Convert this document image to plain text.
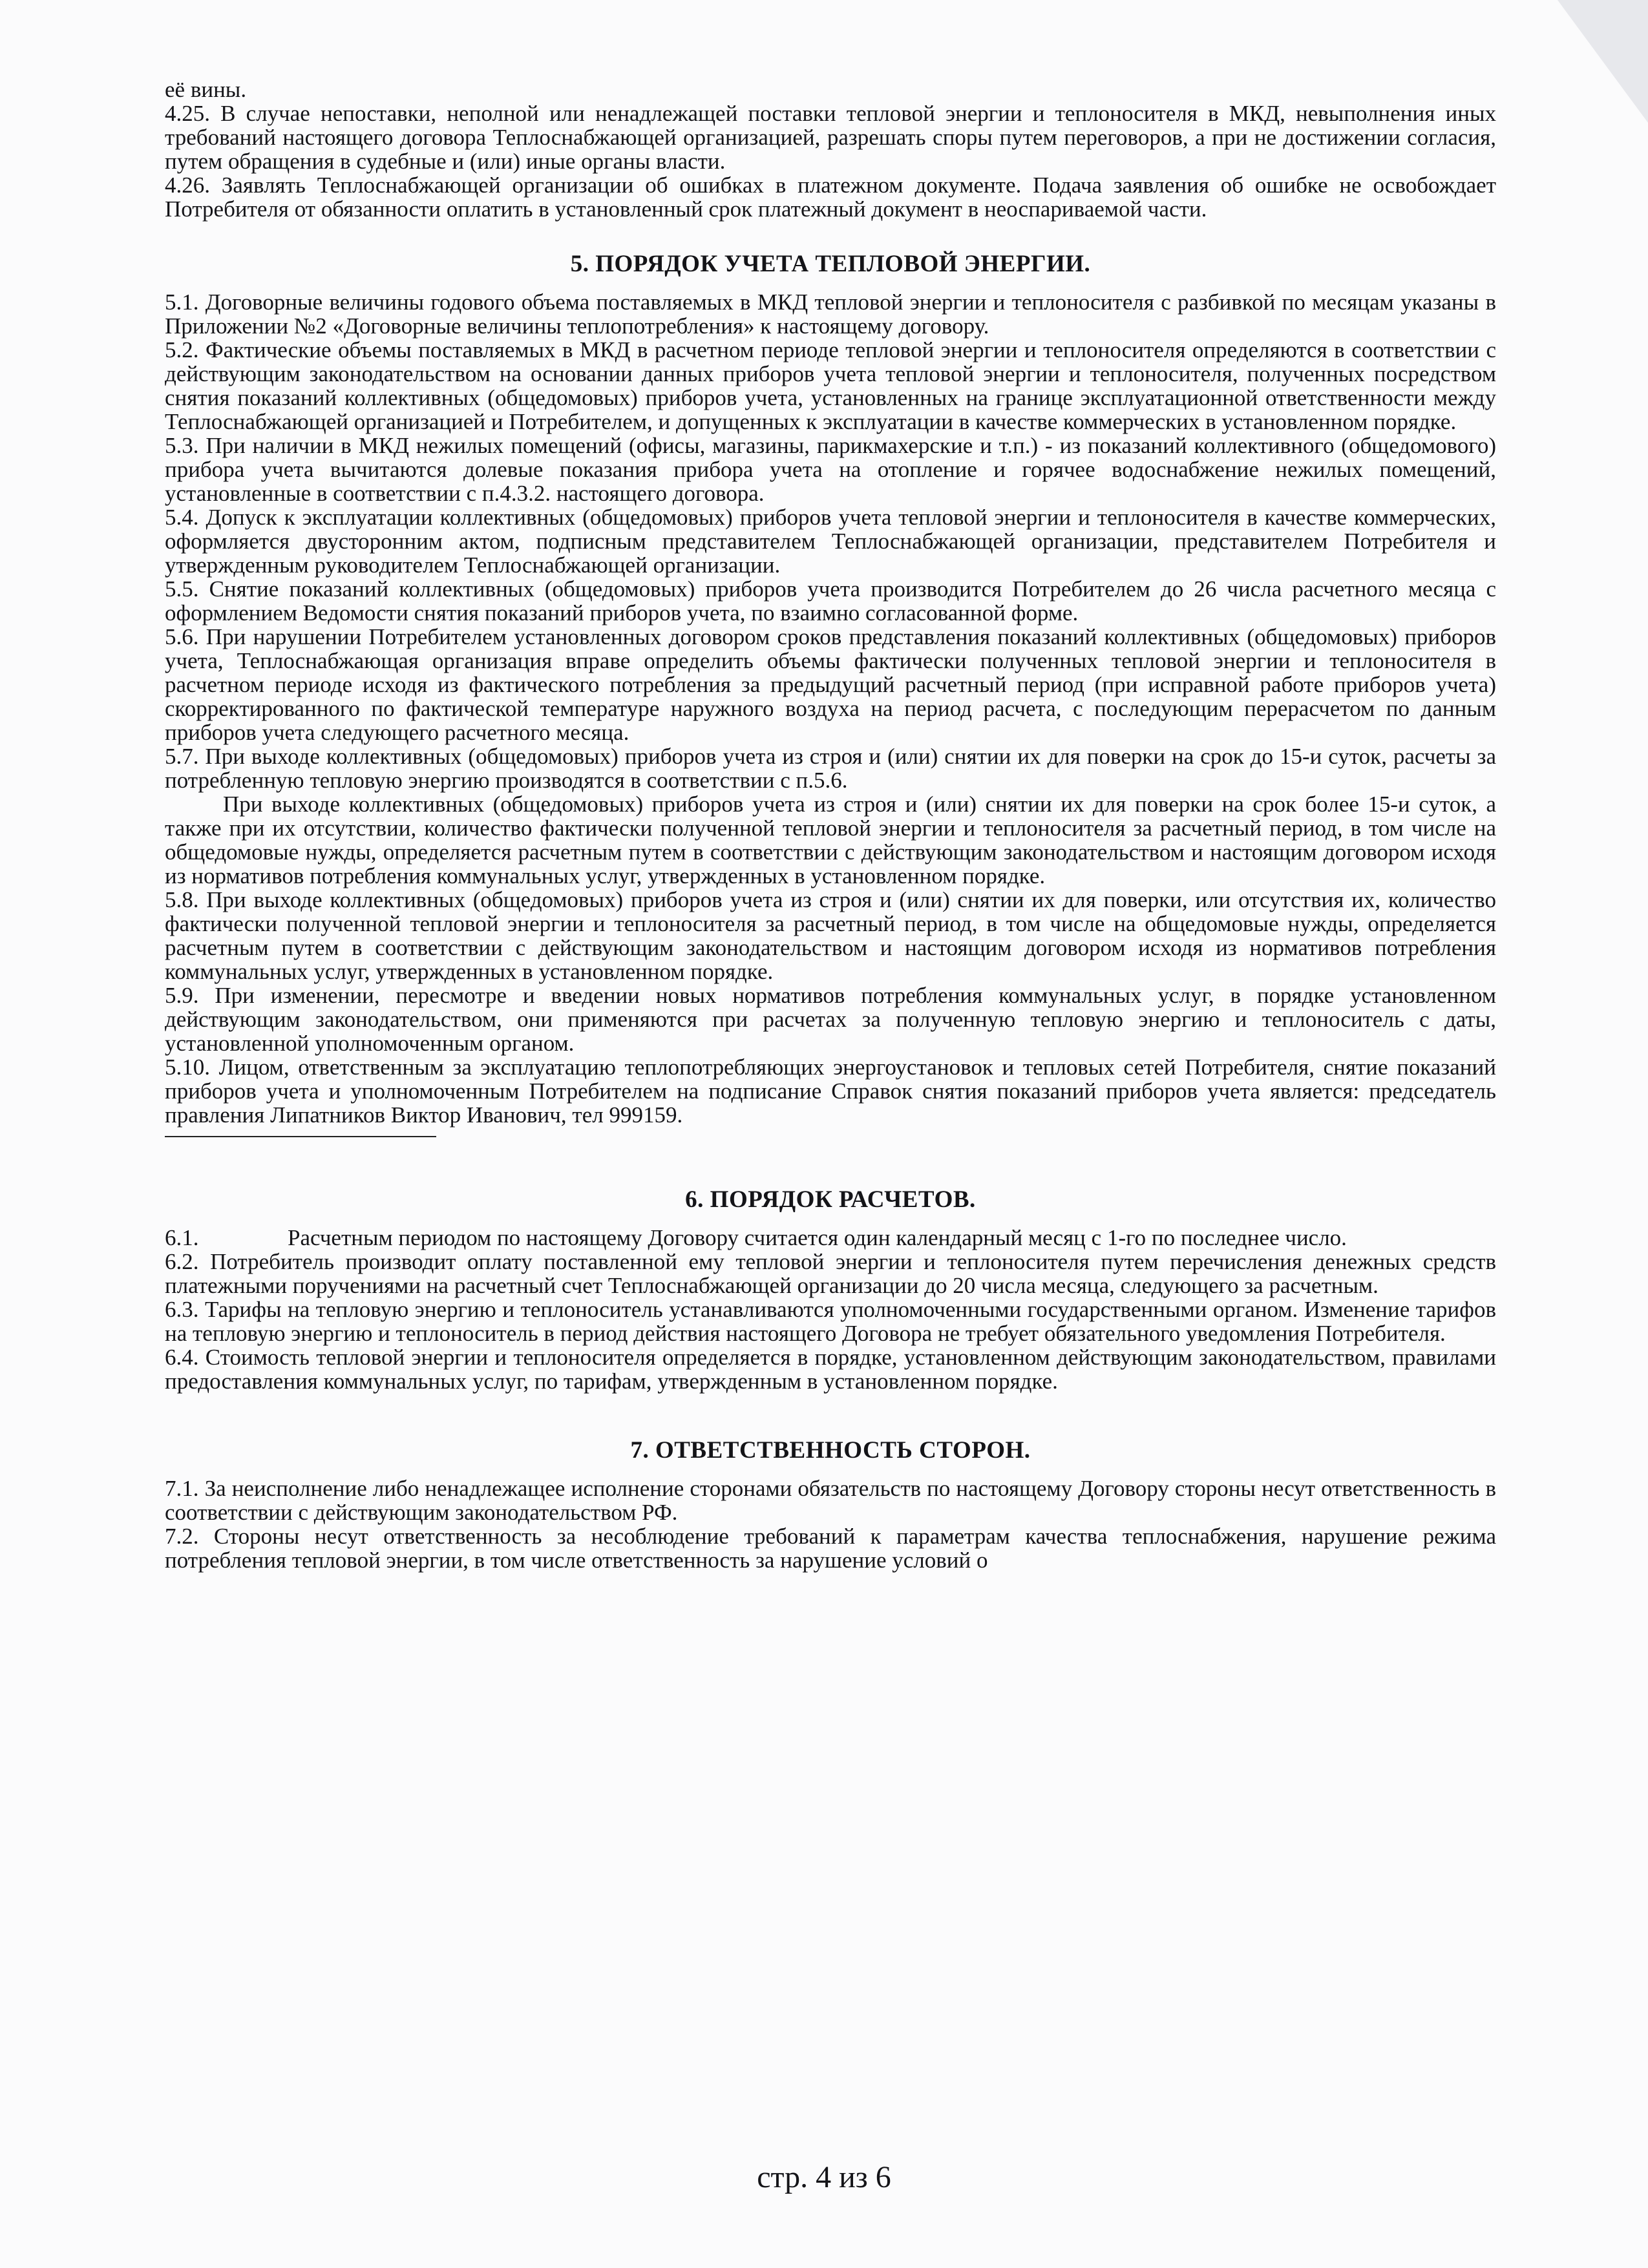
её вины.

4.25. В случае непоставки, неполной или ненадлежащей поставки тепловой энергии и теплоносителя в МКД, невыполнения иных требований настоящего договора Теплоснабжающей организацией, разрешать споры путем переговоров, а при не достижении согласия, путем обращения в судебные и (или) иные органы власти.

4.26. Заявлять Теплоснабжающей организации об ошибках в платежном документе. Подача заявления об ошибке не освобождает Потребителя от обязанности оплатить в установленный срок платежный документ в неоспариваемой части.

5. ПОРЯДОК УЧЕТА ТЕПЛОВОЙ ЭНЕРГИИ.

5.1. Договорные величины годового объема поставляемых в МКД тепловой энергии и теплоносителя с разбивкой по месяцам указаны в Приложении №2 «Договорные величины теплопотребления» к настоящему договору.

5.2. Фактические объемы поставляемых в МКД в расчетном периоде тепловой энергии и теплоносителя определяются в соответствии с действующим законодательством на основании данных приборов учета тепловой энергии и теплоносителя, полученных посредством снятия показаний коллективных (общедомовых) приборов учета, установленных на границе эксплуатационной ответственности между Теплоснабжающей организацией и Потребителем, и допущенных к эксплуатации в качестве коммерческих в установленном порядке.

5.3. При наличии в МКД нежилых помещений (офисы, магазины, парикмахерские и т.п.) - из показаний коллективного (общедомового) прибора учета вычитаются долевые показания прибора учета на отопление и горячее водоснабжение нежилых помещений, установленные в соответствии с п.4.3.2. настоящего договора.

5.4. Допуск к эксплуатации коллективных (общедомовых) приборов учета тепловой энергии и теплоносителя в качестве коммерческих, оформляется двусторонним актом, подписным представителем Теплоснабжающей организации, представителем Потребителя и утвержденным руководителем Теплоснабжающей организации.

5.5. Снятие показаний коллективных (общедомовых) приборов учета производится Потребителем до 26 числа расчетного месяца с оформлением Ведомости снятия показаний приборов учета, по взаимно согласованной форме.

5.6. При нарушении Потребителем установленных договором сроков представления показаний коллективных (общедомовых) приборов учета, Теплоснабжающая организация вправе определить объемы фактически полученных тепловой энергии и теплоносителя в расчетном периоде исходя из фактического потребления за предыдущий расчетный период (при исправной работе приборов учета) скорректированного по фактической температуре наружного воздуха на период расчета, с последующим перерасчетом по данным приборов учета следующего расчетного месяца.

5.7. При выходе коллективных (общедомовых) приборов учета из строя и (или) снятии их для поверки на срок до 15-и суток, расчеты за потребленную тепловую энергию производятся в соответствии с п.5.6.

При выходе коллективных (общедомовых) приборов учета из строя и (или) снятии их для поверки на срок более 15-и суток, а также при их отсутствии, количество фактически полученной тепловой энергии и теплоносителя за расчетный период, в том числе на общедомовые нужды, определяется расчетным путем в соответствии с действующим законодательством и настоящим договором исходя из нормативов потребления коммунальных услуг, утвержденных в установленном порядке.

5.8. При выходе коллективных (общедомовых) приборов учета из строя и (или) снятии их для поверки, или отсутствия их, количество фактически полученной тепловой энергии и теплоносителя за расчетный период, в том числе на общедомовые нужды, определяется расчетным путем в соответствии с действующим законодательством и настоящим договором исходя из нормативов потребления коммунальных услуг, утвержденных в установленном порядке.

5.9. При изменении, пересмотре и введении новых нормативов потребления коммунальных услуг, в порядке установленном действующим законодательством, они применяются при расчетах за полученную тепловую энергию и теплоноситель с даты, установленной уполномоченным органом.

5.10. Лицом, ответственным за эксплуатацию теплопотребляющих энергоустановок и тепловых сетей Потребителя, снятие показаний приборов учета и уполномоченным Потребителем на подписание Справок снятия показаний приборов учета является: председатель правления Липатников Виктор Иванович, тел 999159.

6. ПОРЯДОК РАСЧЕТОВ.

6.1.	Расчетным периодом по настоящему Договору считается один календарный месяц с 1-го по последнее число.

6.2. Потребитель производит оплату поставленной ему тепловой энергии и теплоносителя путем перечисления денежных средств платежными поручениями на расчетный счет Теплоснабжающей организации до 20 числа месяца, следующего за расчетным.

6.3. Тарифы на тепловую энергию и теплоноситель устанавливаются уполномоченными государственными органом. Изменение тарифов на тепловую энергию и теплоноситель в период действия настоящего Договора не требует обязательного уведомления Потребителя.

6.4. Стоимость тепловой энергии и теплоносителя определяется в порядке, установленном действующим законодательством, правилами предоставления коммунальных услуг, по тарифам, утвержденным в установленном порядке.

7. ОТВЕТСТВЕННОСТЬ СТОРОН.

7.1. За неисполнение либо ненадлежащее исполнение сторонами обязательств по настоящему Договору стороны несут ответственность в соответствии с действующим законодательством РФ.

7.2. Стороны несут ответственность за несоблюдение требований к параметрам качества теплоснабжения, нарушение режима потребления тепловой энергии, в том числе ответственность за нарушение условий о

стр. 4 из 6
